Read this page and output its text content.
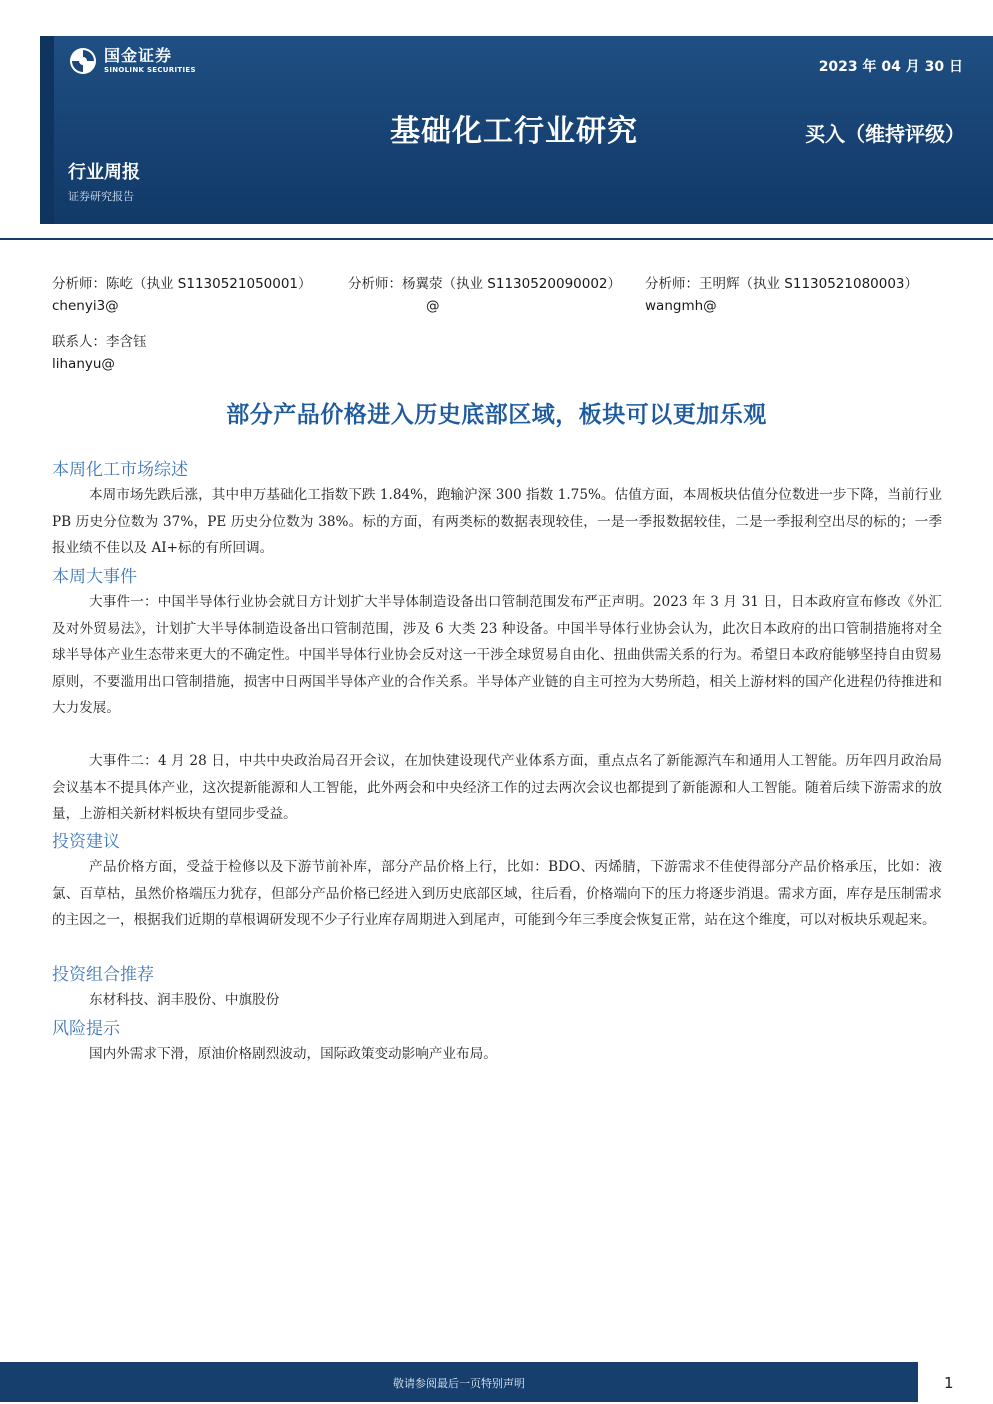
国金证券
SINOLINK SECURITIES	2023 年 04 月 30 日
基础化工行业研究	买入（维持评级）
行业周报
证券研究报告
分析师：陈屹（执业 S1130521050001）
chenyi3@
分析师：杨翼荥（执业 S1130520090002）
@
分析师：王明辉（执业 S1130521080003）
wangmh@
联系人：李含钰
lihanyu@
部分产品价格进入历史底部区域，板块可以更加乐观
本周化工市场综述
本周市场先跌后涨，其中申万基础化工指数下跌 1.84%，跑输沪深 300 指数 1.75%。估值方面，本周板块估值分位数进一步下降，当前行业 PB 历史分位数为 37%，PE 历史分位数为 38%。标的方面，有两类标的数据表现较佳，一是一季报数据较佳，二是一季报利空出尽的标的；一季报业绩不佳以及 AI+标的有所回调。
本周大事件
大事件一：中国半导体行业协会就日方计划扩大半导体制造设备出口管制范围发布严正声明。2023 年 3 月 31 日，日本政府宣布修改《外汇及对外贸易法》，计划扩大半导体制造设备出口管制范围，涉及 6 大类 23 种设备。中国半导体行业协会认为，此次日本政府的出口管制措施将对全球半导体产业生态带来更大的不确定性。中国半导体行业协会反对这一干涉全球贸易自由化、扭曲供需关系的行为。希望日本政府能够坚持自由贸易原则，不要滥用出口管制措施，损害中日两国半导体产业的合作关系。半导体产业链的自主可控为大势所趋，相关上游材料的国产化进程仍待推进和大力发展。
大事件二：4 月 28 日，中共中央政治局召开会议，在加快建设现代产业体系方面，重点点名了新能源汽车和通用人工智能。历年四月政治局会议基本不提具体产业，这次提新能源和人工智能，此外两会和中央经济工作的过去两次会议也都提到了新能源和人工智能。随着后续下游需求的放量，上游相关新材料板块有望同步受益。
投资建议
产品价格方面，受益于检修以及下游节前补库，部分产品价格上行，比如：BDO、丙烯腈，下游需求不佳使得部分产品价格承压，比如：液氯、百草枯，虽然价格端压力犹存，但部分产品价格已经进入到历史底部区域，往后看，价格端向下的压力将逐步消退。需求方面，库存是压制需求的主因之一，根据我们近期的草根调研发现不少子行业库存周期进入到尾声，可能到今年三季度会恢复正常，站在这个维度，可以对板块乐观起来。
投资组合推荐
东材科技、润丰股份、中旗股份
风险提示
国内外需求下滑，原油价格剧烈波动，国际政策变动影响产业布局。
敬请参阅最后一页特别声明	1
